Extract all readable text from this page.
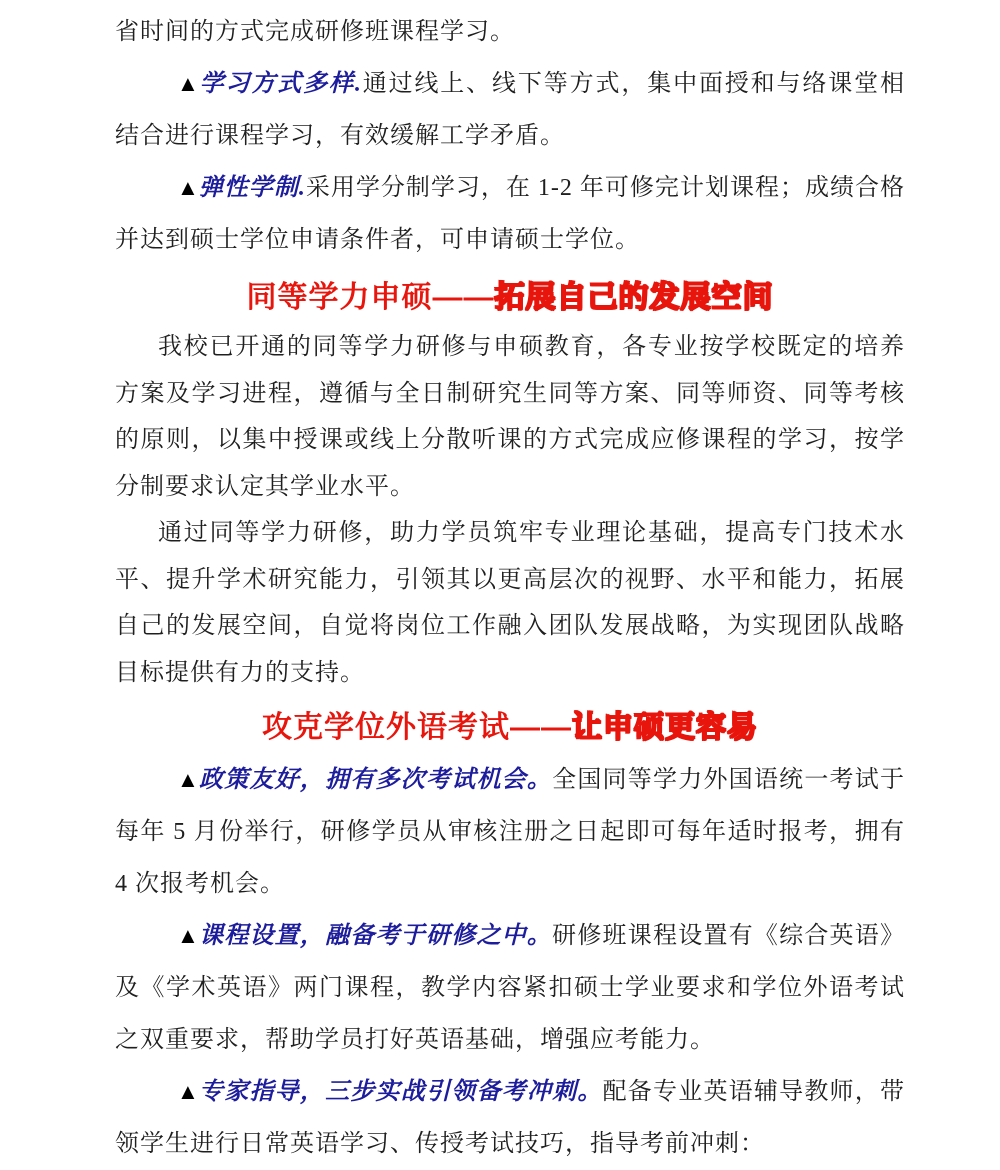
省时间的方式完成研修班课程学习。

▲学习方式多样.通过线上、线下等方式，集中面授和与络课堂相结合进行课程学习，有效缓解工学矛盾。

▲弹性学制.采用学分制学习，在 1-2 年可修完计划课程；成绩合格并达到硕士学位申请条件者，可申请硕士学位。

同等学力申硕——拓展自己的发展空间

我校已开通的同等学力研修与申硕教育，各专业按学校既定的培养方案及学习进程，遵循与全日制研究生同等方案、同等师资、同等考核的原则，以集中授课或线上分散听课的方式完成应修课程的学习，按学分制要求认定其学业水平。

通过同等学力研修，助力学员筑牢专业理论基础，提高专门技术水平、提升学术研究能力，引领其以更高层次的视野、水平和能力，拓展自己的发展空间，自觉将岗位工作融入团队发展战略，为实现团队战略目标提供有力的支持。

攻克学位外语考试——让申硕更容易

▲政策友好，拥有多次考试机会。全国同等学力外国语统一考试于每年 5 月份举行，研修学员从审核注册之日起即可每年适时报考，拥有 4 次报考机会。

▲课程设置，融备考于研修之中。研修班课程设置有《综合英语》及《学术英语》两门课程，教学内容紧扣硕士学业要求和学位外语考试之双重要求，帮助学员打好英语基础，增强应考能力。

▲专家指导，三步实战引领备考冲刺。配备专业英语辅导教师，带领学生进行日常英语学习、传授考试技巧，指导考前冲刺：
